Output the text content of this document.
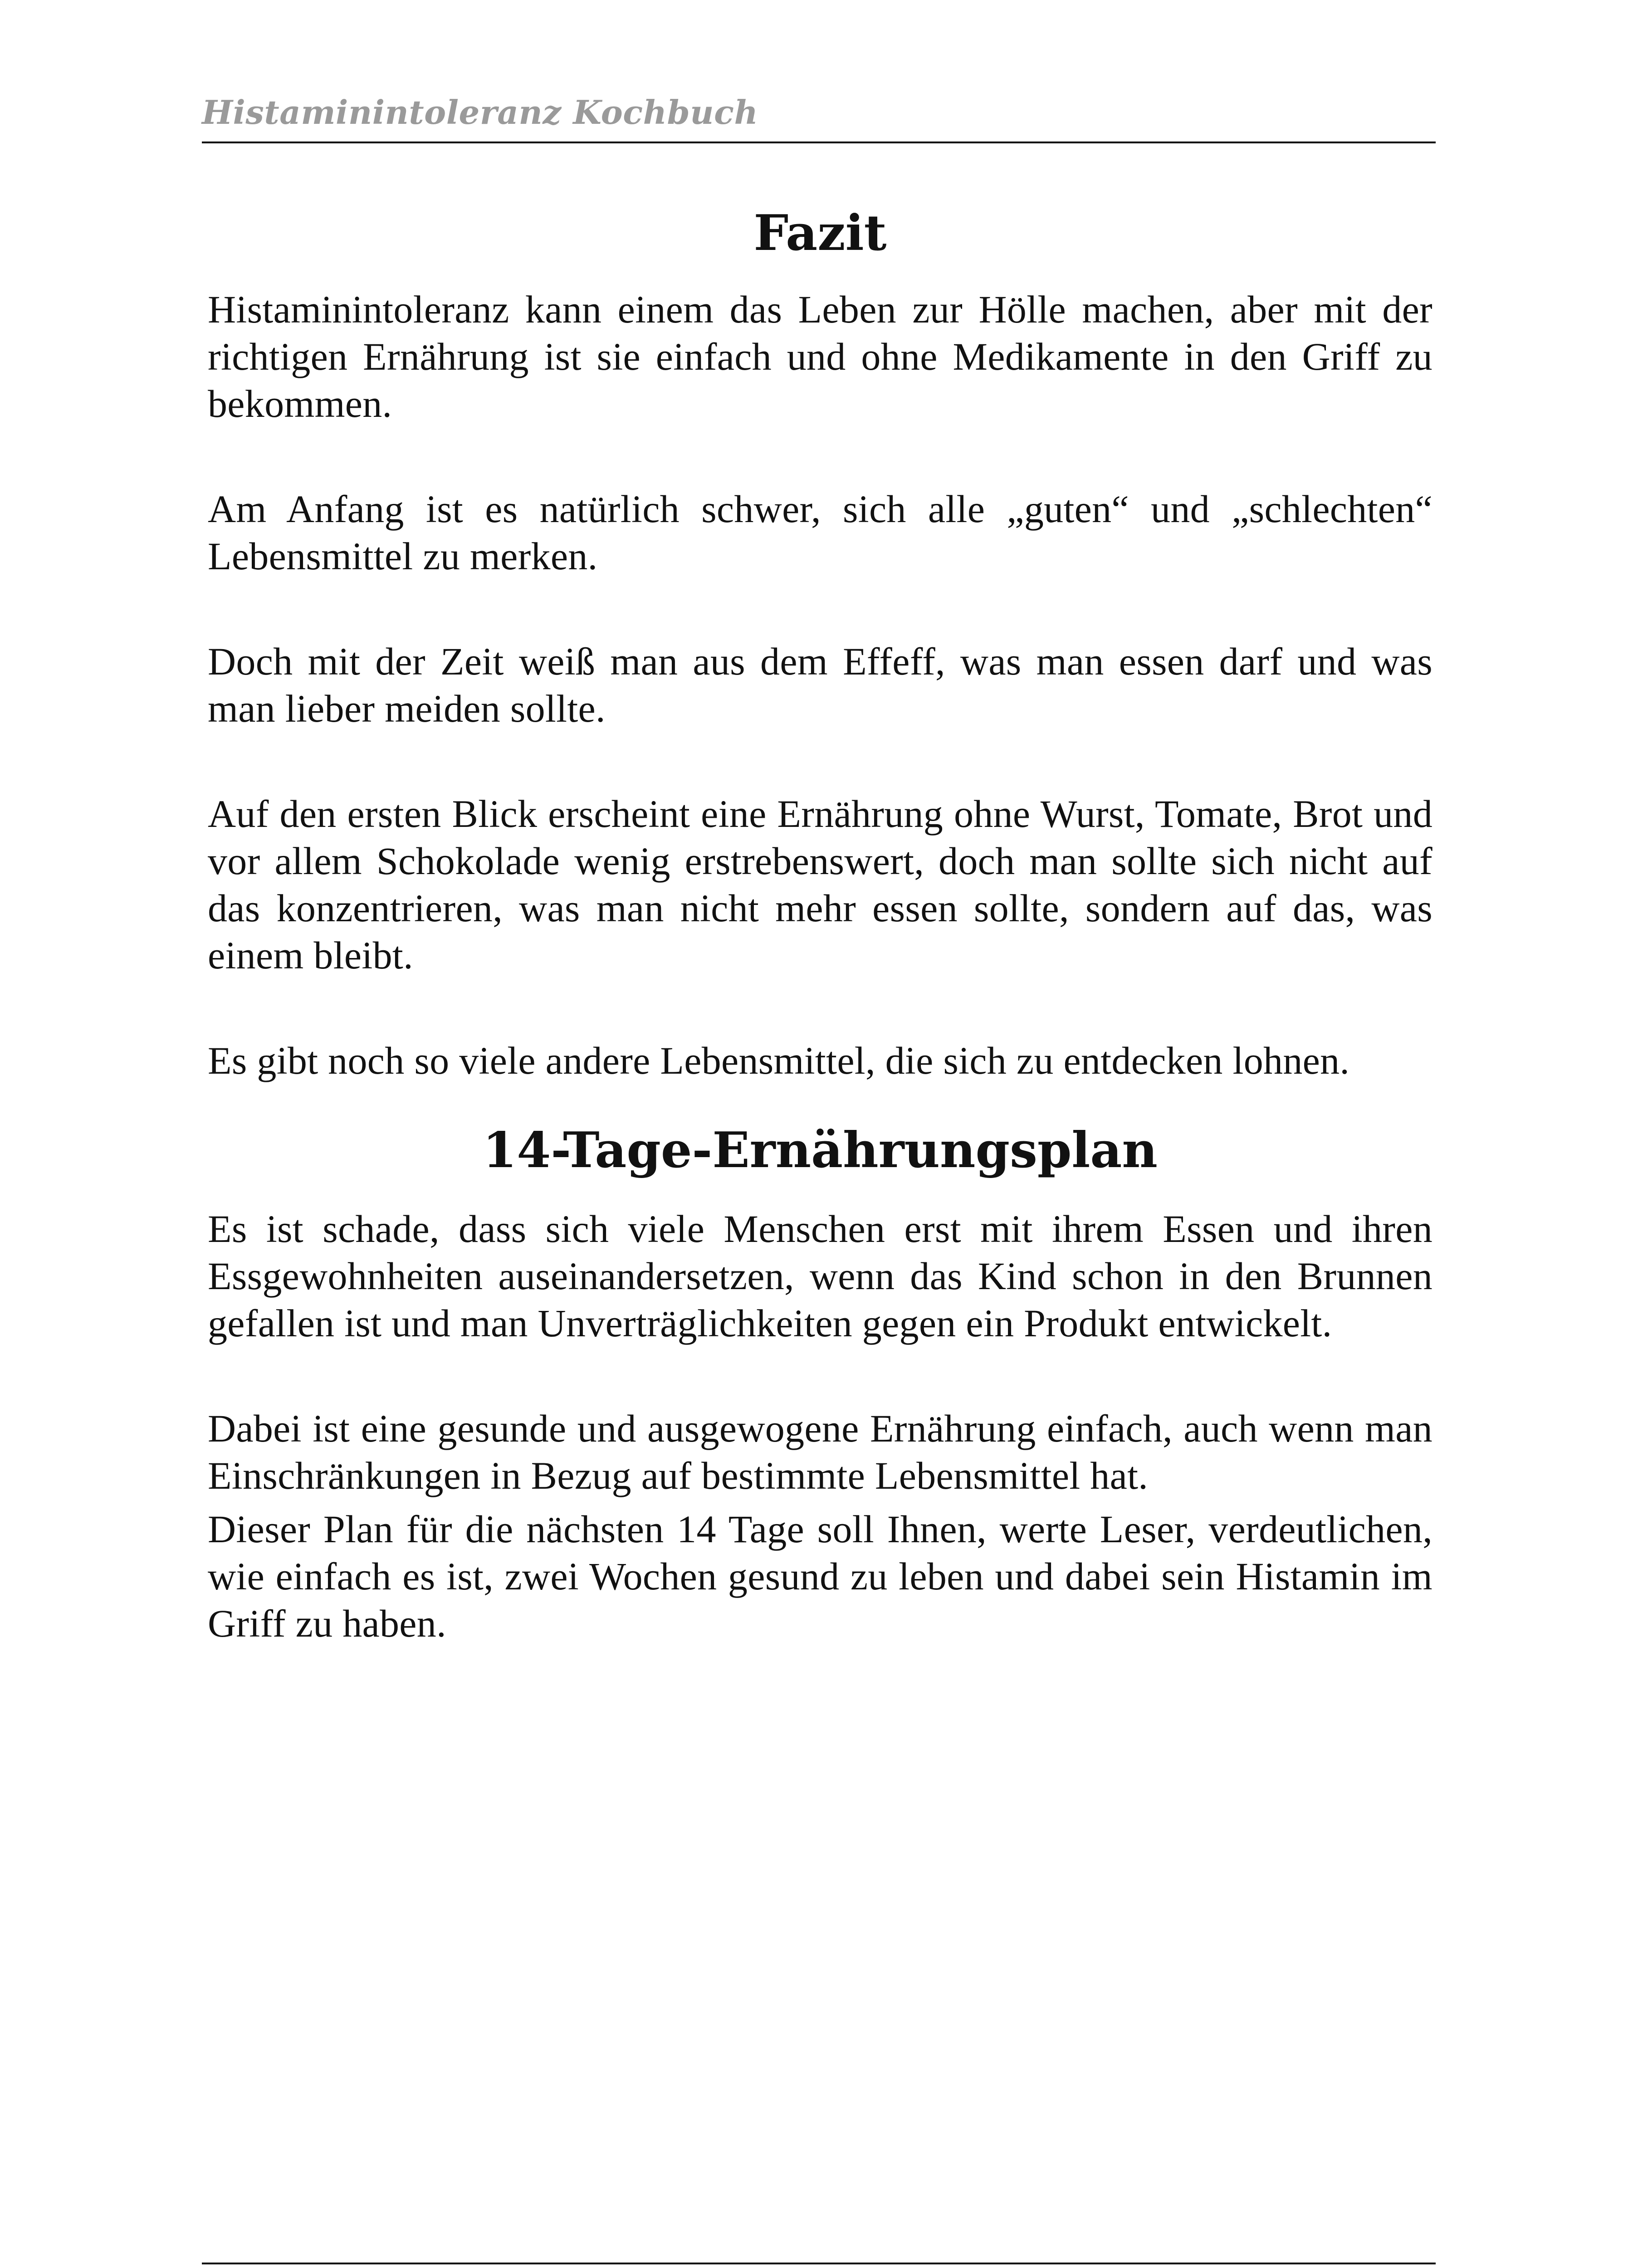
Histaminintoleranz Kochbuch
Fazit

Histaminintoleranz kann einem das Leben zur Hölle machen, aber mit der richtigen Ernährung ist sie einfach und ohne Medikamente in den Griff zu bekommen.

Am Anfang ist es natürlich schwer, sich alle „guten“ und „schlechten“ Lebensmittel zu merken.

Doch mit der Zeit weiß man aus dem Effeff, was man essen darf und was man lieber meiden sollte.

Auf den ersten Blick erscheint eine Ernährung ohne Wurst, Tomate, Brot und vor allem Schokolade wenig erstrebenswert, doch man sollte sich nicht auf das konzentrieren, was man nicht mehr essen sollte, sondern auf das, was einem bleibt.

Es gibt noch so viele andere Lebensmittel, die sich zu entdecken lohnen.

14-Tage-Ernährungsplan

Es ist schade, dass sich viele Menschen erst mit ihrem Essen und ihren Essgewohnheiten auseinandersetzen, wenn das Kind schon in den Brunnen gefallen ist und man Unverträglichkeiten gegen ein Produkt entwickelt.

Dabei ist eine gesunde und ausgewogene Ernährung einfach, auch wenn man Einschränkungen in Bezug auf bestimmte Lebensmittel hat.

Dieser Plan für die nächsten 14 Tage soll Ihnen, werte Leser, verdeutlichen, wie einfach es ist, zwei Wochen gesund zu leben und dabei sein Histamin im Griff zu haben.
